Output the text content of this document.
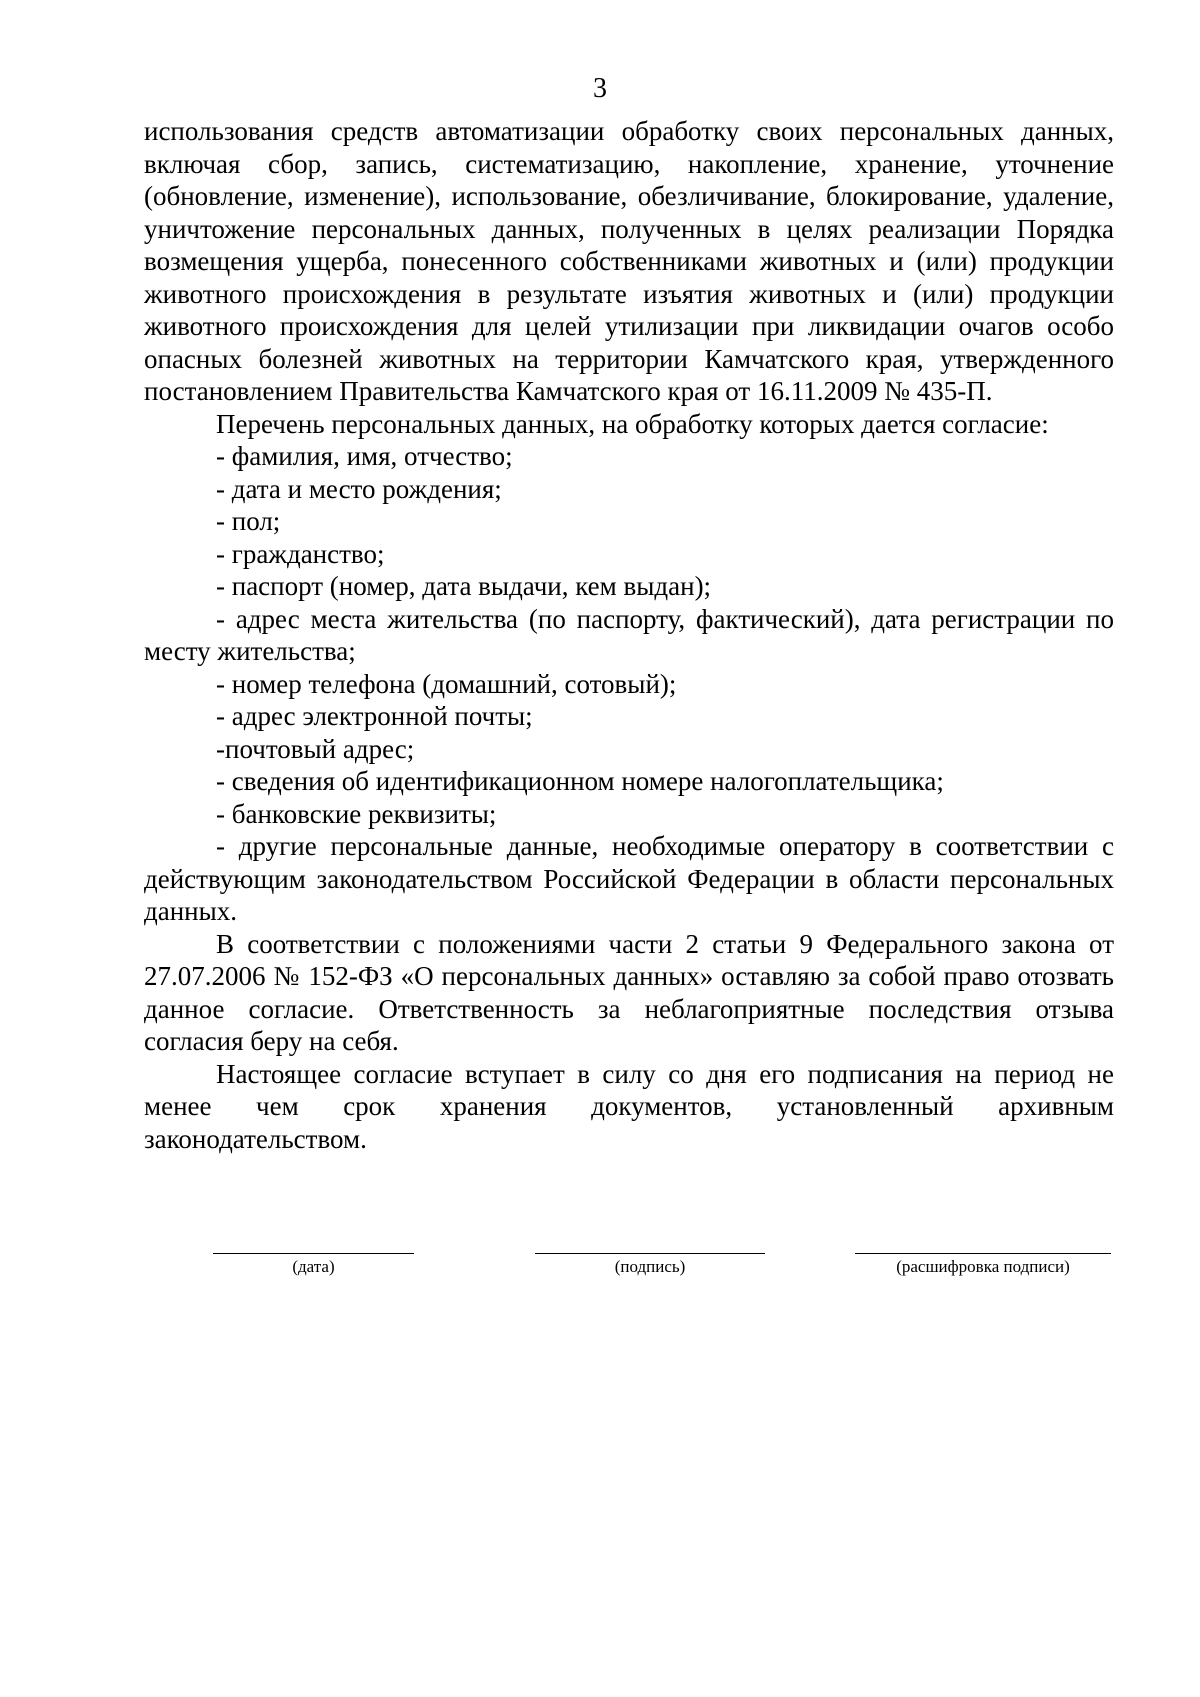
3

использования средств автоматизации обработку своих персональных данных, включая сбор, запись, систематизацию, накопление, хранение, уточнение (обновление, изменение), использование, обезличивание, блокирование, удаление, уничтожение персональных данных, полученных в целях реализации Порядка возмещения ущерба, понесенного собственниками животных и (или) продукции животного происхождения в результате изъятия животных и (или) продукции животного происхождения для целей утилизации при ликвидации очагов особо опасных болезней животных на территории Камчатского края, утвержденного постановлением Правительства Камчатского края от 16.11.2009 № 435-П.

Перечень персональных данных, на обработку которых дается согласие:

- фамилия, имя, отчество;

- дата и место рождения;

- пол;

- гражданство;

- паспорт (номер, дата выдачи, кем выдан);

- адрес места жительства (по паспорту, фактический), дата регистрации по месту жительства;

- номер телефона (домашний, сотовый);

- адрес электронной почты;

-почтовый адрес;

- сведения об идентификационном номере налогоплательщика;

- банковские реквизиты;

- другие персональные данные, необходимые оператору в соответствии с действующим законодательством Российской Федерации в области персональных данных.

В соответствии с положениями части 2 статьи 9 Федерального закона от 27.07.2006 № 152-ФЗ «О персональных данных» оставляю за собой право отозвать данное согласие. Ответственность за неблагоприятные последствия отзыва согласия беру на себя.

Настоящее согласие вступает в силу со дня его подписания на период не менее чем срок хранения документов, установленный архивным законодательством.

(дата)	(подпись)	(расшифровка подписи)
